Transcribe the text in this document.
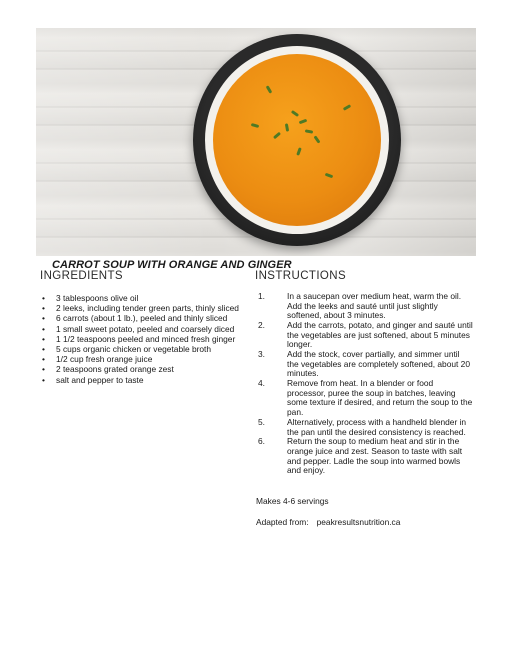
CARROT SOUP WITH ORANGE AND GINGER
INGREDIENTS	INSTRUCTIONS
• 3 tablespoons olive oil
• 2 leeks, including tender green parts, thinly sliced
• 6 carrots (about 1 lb.), peeled and thinly sliced
• 1 small sweet potato, peeled and coarsely diced
• 1 1/2 teaspoons peeled and minced fresh ginger
• 5 cups organic chicken or vegetable broth
• 1/2 cup fresh orange juice
• 2 teaspoons grated orange zest
• salt and pepper to taste
1.	In a saucepan over medium heat, warm the oil. Add the leeks and sauté until just slightly softened, about 3 minutes.
2.	Add the carrots, potato, and ginger and sauté until the vegetables are just softened, about 5 minutes longer.
3.	Add the stock, cover partially, and simmer until the vegetables are completely softened, about 20 minutes.
4.	Remove from heat. In a blender or food processor, puree the soup in batches, leaving some texture if desired, and return the soup to the pan.
5.	Alternatively, process with a handheld blender in the pan until the desired consistency is reached.
6.	Return the soup to medium heat and stir in the orange juice and zest. Season to taste with salt and pepper. Ladle the soup into warmed bowls and enjoy.
Makes 4-6 servings
Adapted from: peakresultsnutrition.ca
